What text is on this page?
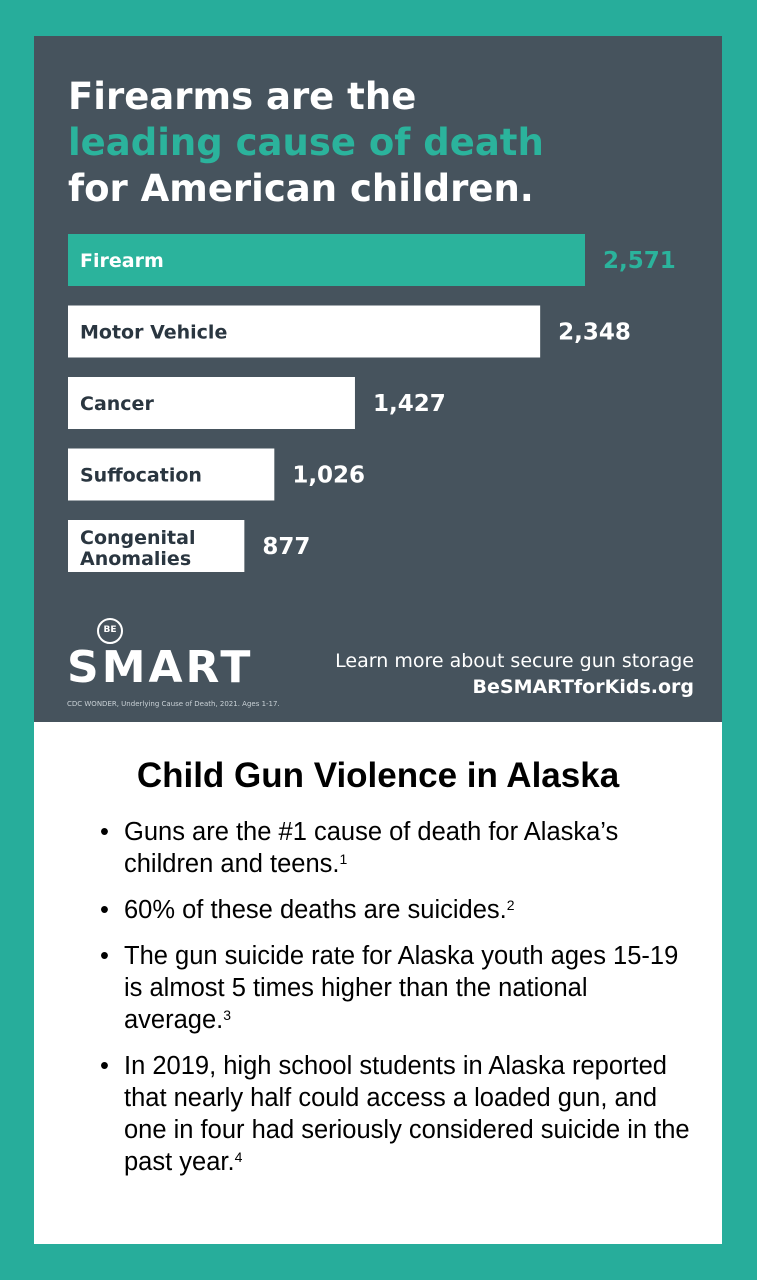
Firearms are the
leading cause of death
for American children.
Firearm	2,571
Motor Vehicle	2,348
Cancer	1,427
Suffocation	1,026
Congenital Anomalies	877
BE
SMART
CDC WONDER, Underlying Cause of Death, 2021. Ages 1-17.
Learn more about secure gun storage
BeSMARTforKids.org
Child Gun Violence in Alaska
• Guns are the #1 cause of death for Alaska’s children and teens.$^1$
• 60% of these deaths are suicides.$^2$
• The gun suicide rate for Alaska youth ages 15-19 is almost 5 times higher than the national average.$^3$
• In 2019, high school students in Alaska reported that nearly half could access a loaded gun, and one in four had seriously considered suicide in the past year.$^4$
